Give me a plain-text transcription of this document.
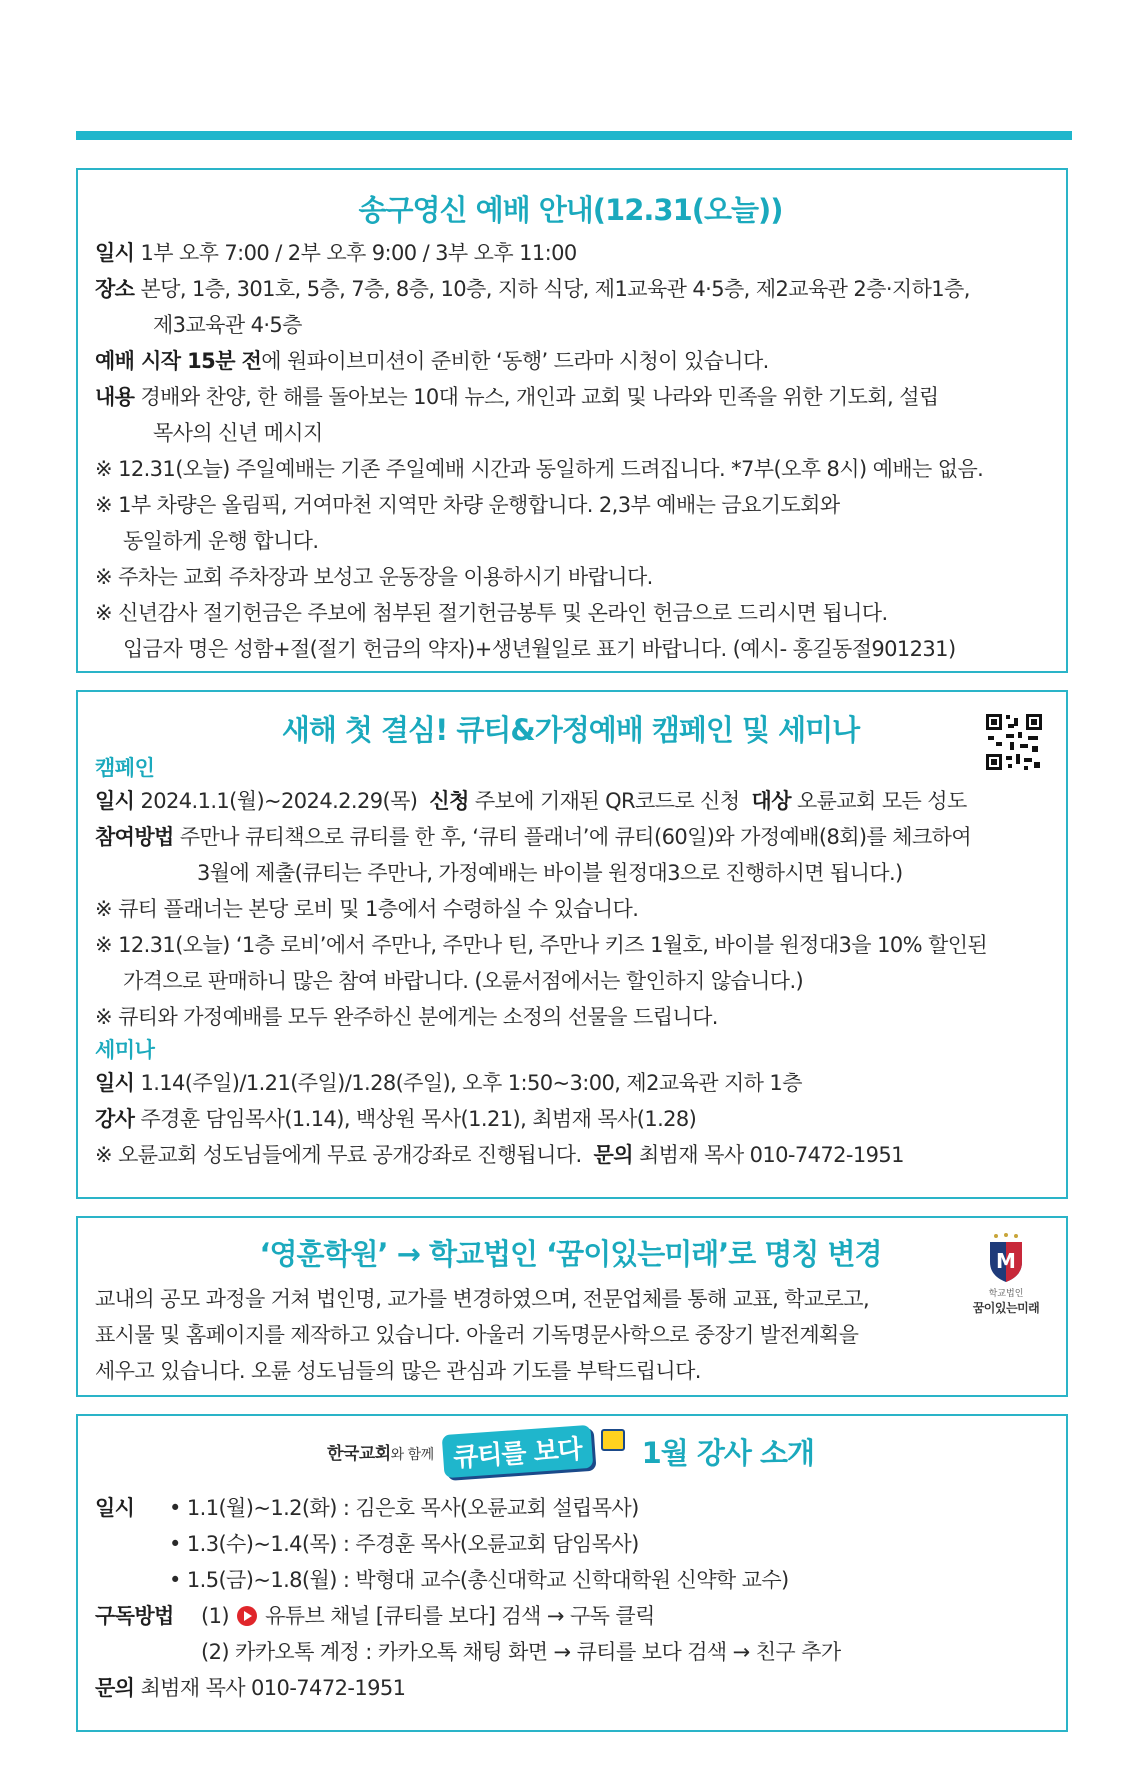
송구영신 예배 안내(12.31(오늘))
일시 1부 오후 7:00 / 2부 오후 9:00 / 3부 오후 11:00
장소 본당, 1층, 301호, 5층, 7층, 8층, 10층, 지하 식당, 제1교육관 4·5층, 제2교육관 2층·지하1층,
제3교육관 4·5층
예배 시작 15분 전에 원파이브미션이 준비한 ‘동행’ 드라마 시청이 있습니다.
내용 경배와 찬양, 한 해를 돌아보는 10대 뉴스, 개인과 교회 및 나라와 민족을 위한 기도회, 설립
목사의 신년 메시지
※ 12.31(오늘) 주일예배는 기존 주일예배 시간과 동일하게 드려집니다. *7부(오후 8시) 예배는 없음.
※ 1부 차량은 올림픽, 거여마천 지역만 차량 운행합니다. 2,3부 예배는 금요기도회와
동일하게 운행 합니다.
※ 주차는 교회 주차장과 보성고 운동장을 이용하시기 바랍니다.
※ 신년감사 절기헌금은 주보에 첨부된 절기헌금봉투 및 온라인 헌금으로 드리시면 됩니다.
입금자 명은 성함+절(절기 헌금의 약자)+생년월일로 표기 바랍니다. (예시- 홍길동절901231)
새해 첫 결심! 큐티&가정예배 캠페인 및 세미나
캠페인
일시 2024.1.1(월)~2024.2.29(목) 신청 주보에 기재된 QR코드로 신청 대상 오륜교회 모든 성도
참여방법 주만나 큐티책으로 큐티를 한 후, ‘큐티 플래너’에 큐티(60일)와 가정예배(8회)를 체크하여
3월에 제출(큐티는 주만나, 가정예배는 바이블 원정대3으로 진행하시면 됩니다.)
※ 큐티 플래너는 본당 로비 및 1층에서 수령하실 수 있습니다.
※ 12.31(오늘) ‘1층 로비’에서 주만나, 주만나 틴, 주만나 키즈 1월호, 바이블 원정대3을 10% 할인된
가격으로 판매하니 많은 참여 바랍니다. (오륜서점에서는 할인하지 않습니다.)
※ 큐티와 가정예배를 모두 완주하신 분에게는 소정의 선물을 드립니다.
세미나
일시 1.14(주일)/1.21(주일)/1.28(주일), 오후 1:50~3:00, 제2교육관 지하 1층
강사 주경훈 담임목사(1.14), 백상원 목사(1.21), 최범재 목사(1.28)
※ 오륜교회 성도님들에게 무료 공개강좌로 진행됩니다. 문의 최범재 목사 010-7472-1951
‘영훈학원’ → 학교법인 ‘꿈이있는미래’로 명칭 변경
교내의 공모 과정을 거쳐 법인명, 교가를 변경하였으며, 전문업체를 통해 교표, 학교로고,
표시물 및 홈페이지를 제작하고 있습니다. 아울러 기독명문사학으로 중장기 발전계획을
세우고 있습니다. 오륜 성도님들의 많은 관심과 기도를 부탁드립니다.
M
학교법인
꿈이있는미래
한국교회와 함께 큐티를 보다 1월 강사 소개
일시 • 1.1(월)~1.2(화) : 김은호 목사(오륜교회 설립목사)
• 1.3(수)~1.4(목) : 주경훈 목사(오륜교회 담임목사)
• 1.5(금)~1.8(월) : 박형대 교수(총신대학교 신학대학원 신약학 교수)
구독방법 (1) 유튜브 채널 [큐티를 보다] 검색 → 구독 클릭
(2) 카카오톡 계정 : 카카오톡 채팅 화면 → 큐티를 보다 검색 → 친구 추가
문의 최범재 목사 010-7472-1951
